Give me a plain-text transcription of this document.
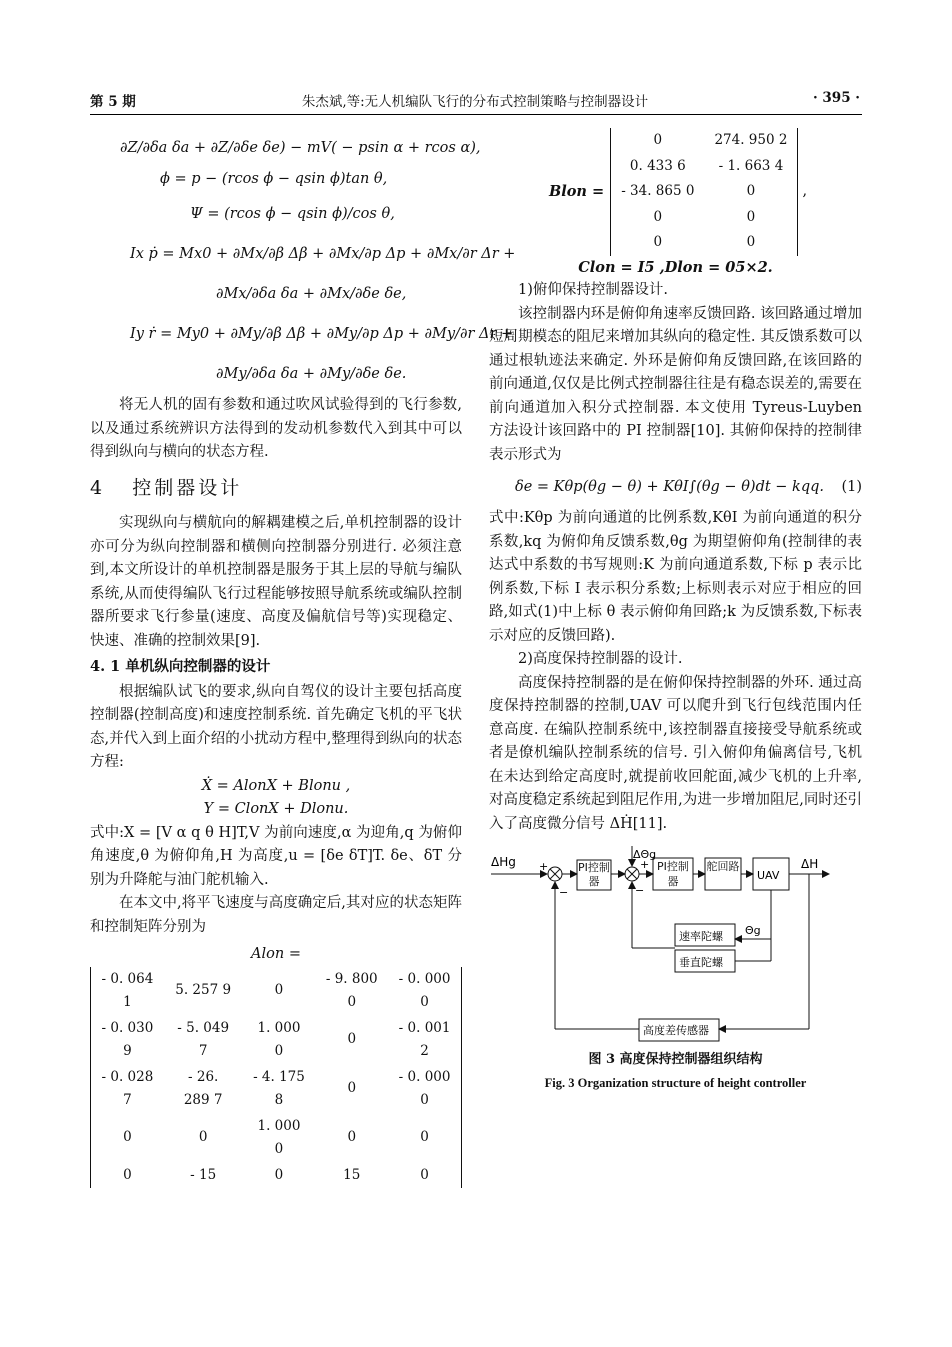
第 5 期	朱杰斌,等:无人机编队飞行的分布式控制策略与控制器设计	· 395 ·
∂Z/∂δa δa + ∂Z/∂δe δe) − mV( − psin α + rcos α),
ϕ = p − (rcos ϕ − qsin ϕ)tan θ,
Ψ = (rcos ϕ − qsin ϕ)/cos θ,
Ix ṗ = Mx0 + ∂Mx/∂β Δβ + ∂Mx/∂p Δp + ∂Mx/∂r Δr +
∂Mx/∂δa δa + ∂Mx/∂δe δe,
Iy ṙ = My0 + ∂My/∂β Δβ + ∂My/∂p Δp + ∂My/∂r Δr +
∂My/∂δa δa + ∂My/∂δe δe.

将无人机的固有参数和通过吹风试验得到的飞行参数,以及通过系统辨识方法得到的发动机参数代入到其中可以得到纵向与横向的状态方程.

4 控制器设计

实现纵向与横航向的解耦建模之后,单机控制器的设计亦可分为纵向控制器和横侧向控制器分别进行. 必须注意到,本文所设计的单机控制器是服务于其上层的导航与编队系统,从而使得编队飞行过程能够按照导航系统或编队控制器所要求飞行参量(速度、高度及偏航信号等)实现稳定、快速、准确的控制效果[9].

4. 1 单机纵向控制器的设计

根据编队试飞的要求,纵向自驾仪的设计主要包括高度控制器(控制高度)和速度控制系统. 首先确定飞机的平飞状态,并代入到上面介绍的小扰动方程中,整理得到纵向的状态方程:

Ẋ = AlonX + Blonu ,
Y = ClonX + Dlonu.

式中:X = [V α q θ H]T,V 为前向速度,α 为迎角,q 为俯仰角速度,θ 为俯仰角,H 为高度,u = [δe δT]T. δe、δT 分别为升降舵与油门舵机输入.

在本文中,将平飞速度与高度确定后,其对应的状态矩阵和控制矩阵分别为

Alon =
- 0. 064 1	5. 257 9	0	- 9. 800 0	- 0. 000 0
- 0. 030 9	- 5. 049 7	1. 000 0	0	- 0. 001 2
- 0. 028 7	- 26. 289 7	- 4. 175 8	0	- 0. 000 0
0	0	1. 000 0	0	0
0	- 15	0	15	0
Blon =
0	274. 950 2
0. 433 6	- 1. 663 4
- 34. 865 0	0
0	0
0	0
,
Clon = I5 ,Dlon = 05×2.

1)俯仰保持控制器设计.

该控制器内环是俯仰角速率反馈回路. 该回路通过增加短周期模态的阻尼来增加其纵向的稳定性. 其反馈系数可以通过根轨迹法来确定. 外环是俯仰角反馈回路,在该回路的前向通道,仅仅是比例式控制器往往是有稳态误差的,需要在前向通道加入积分式控制器. 本文使用 Tyreus-Luyben 方法设计该回路中的 PI 控制器[10]. 其俯仰保持的控制律表示形式为

δe = Kθp(θg − θ) + KθI∫(θg − θ)dt − kqq. (1)

式中:Kθp 为前向通道的比例系数,KθI 为前向通道的积分系数,kq 为俯仰角反馈系数,θg 为期望俯仰角(控制律的表达式中系数的书写规则:K 为前向通道系数,下标 p 表示比例系数,下标 I 表示积分系数;上标则表示对应于相应的回路,如式(1)中上标 θ 表示俯仰角回路;k 为反馈系数,下标表示对应的反馈回路).

2)高度保持控制器的设计.

高度保持控制器的是在俯仰保持控制器的外环. 通过高度保持控制器的控制,UAV 可以爬升到飞行包线范围内任意高度. 在编队控制系统中,该控制器直接接受导航系统或者是僚机编队控制系统的信号. 引入俯仰角偏离信号,飞机在未达到给定高度时,就提前收回舵面,减少飞机的上升率,对高度稳定系统起到阻尼作用,为进一步增加阻尼,同时还引入了高度微分信号 ΔḢ[11].

ΔHg +	PI控制器
ΔΘg
+
−
PI控制器
舵回路
UAV
ΔH
Θg
速率陀螺
垂直陀螺
高度差传感器
−
图 3 高度保持控制器组织结构
Fig. 3 Organization structure of height controller
